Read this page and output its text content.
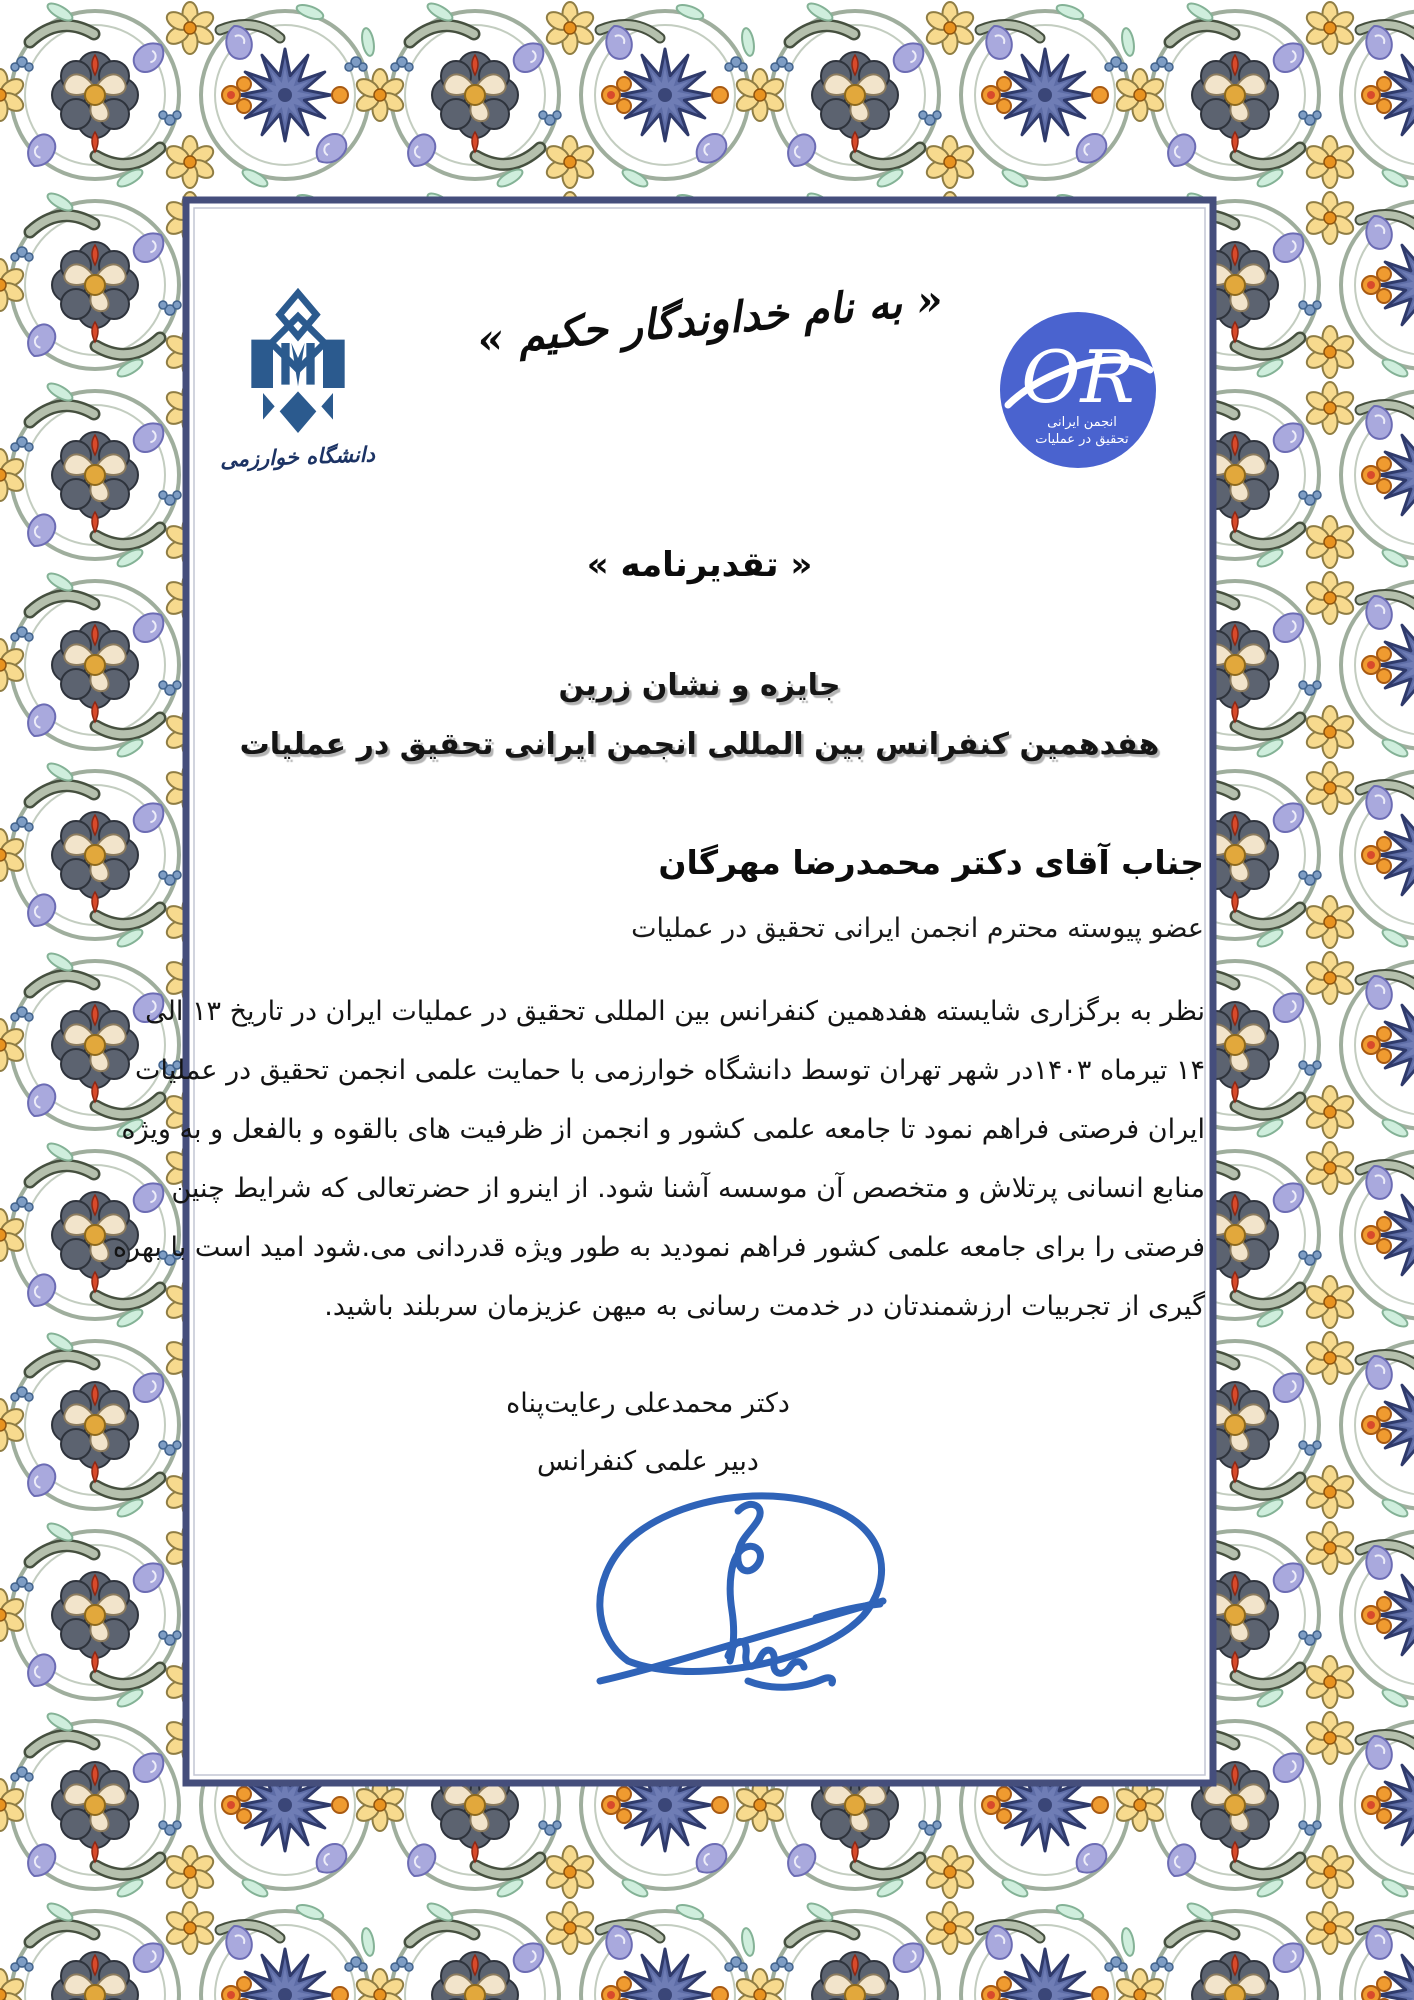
دانشگاه خوارزمی
« به نام خداوندگار حکیم »
OR
انجمن ایرانی
تحقیق در عملیات
« تقدیرنامه »
جایزه و نشان زرین
هفدهمین کنفرانس بین المللی انجمن ایرانی تحقیق در عملیات
جناب آقای دکتر محمدرضا مهرگان
عضو پیوسته محترم انجمن ایرانی تحقیق در عملیات
نظر به برگزاری شایسته هفدهمین کنفرانس بین المللی تحقیق در عملیات ایران در تاریخ ۱۳ الی
۱۴ تیرماه ۱۴۰۳در شهر تهران توسط دانشگاه خوارزمی با حمایت علمی انجمن تحقیق در عملیات
ایران فرصتی فراهم نمود تا جامعه علمی کشور و انجمن از ظرفیت های بالقوه و بالفعل و به ویژه
منابع انسانی پرتلاش و متخصص آن موسسه آشنا شود. از اینرو از حضرتعالی که شرایط چنین
فرصتی را برای جامعه علمی کشور فراهم نمودید به طور ویژه قدردانی می.شود امید است با بهره
گیری از تجربیات ارزشمندتان در خدمت رسانی به میهن عزیزمان سربلند باشید.
دکتر محمدعلی رعایت‌پناه
دبیر علمی کنفرانس
